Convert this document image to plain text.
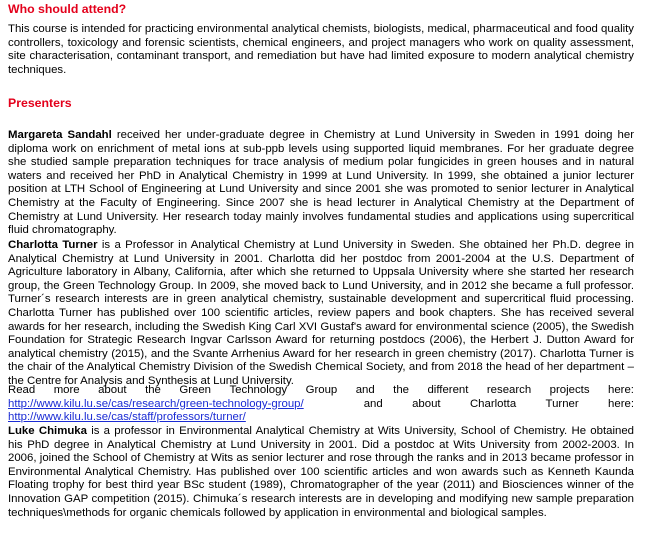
Who should attend?

This course is intended for practicing environmental analytical chemists, biologists, medical, pharmaceutical and food quality controllers, toxicology and forensic scientists, chemical engineers, and project managers who work on quality assessment, site characterisation, contaminant transport, and remediation but have had limited exposure to modern analytical chemistry techniques.

Presenters

Margareta Sandahl received her under-graduate degree in Chemistry at Lund University in Sweden in 1991 doing her diploma work on enrichment of metal ions at sub-ppb levels using supported liquid membranes. For her graduate degree she studied sample preparation techniques for trace analysis of medium polar fungicides in green houses and in natural waters and received her PhD in Analytical Chemistry in 1999 at Lund University. In 1999, she obtained a junior lecturer position at LTH School of Engineering at Lund University and since 2001 she was promoted to senior lecturer in Analytical Chemistry at the Faculty of Engineering. Since 2007 she is head lecturer in Analytical Chemistry at the Department of Chemistry at Lund University. Her research today mainly involves fundamental studies and applications using supercritical fluid chromatography.

Charlotta Turner is a Professor in Analytical Chemistry at Lund University in Sweden. She obtained her Ph.D. degree in Analytical Chemistry at Lund University in 2001. Charlotta did her postdoc from 2001-2004 at the U.S. Department of Agriculture laboratory in Albany, California, after which she returned to Uppsala University where she started her research group, the Green Technology Group. In 2009, she moved back to Lund University, and in 2012 she became a full professor. Turner´s research interests are in green analytical chemistry, sustainable development and supercritical fluid processing. Charlotta Turner has published over 100 scientific articles, review papers and book chapters. She has received several awards for her research, including the Swedish King Carl XVI Gustaf's award for environmental science (2005), the Swedish Foundation for Strategic Research Ingvar Carlsson Award for returning postdocs (2006), the Herbert J. Dutton Award for analytical chemistry (2015), and the Svante Arrhenius Award for her research in green chemistry (2017). Charlotta Turner is the chair of the Analytical Chemistry Division of the Swedish Chemical Society, and from 2018 the head of her department – the Centre for Analysis and Synthesis at Lund University.

Read more about the Green Technology Group and the different research projects here:
http://www.kilu.lu.se/cas/research/green-technology-group/	and	about	Charlotta	Turner	here:
http://www.kilu.lu.se/cas/staff/professors/turner/

Luke Chimuka is a professor in Environmental Analytical Chemistry at Wits University, School of Chemistry. He obtained his PhD degree in Analytical Chemistry at Lund University in 2001. Did a postdoc at Wits University from 2002-2003. In 2006, joined the School of Chemistry at Wits as senior lecturer and rose through the ranks and in 2013 became professor in Environmental Analytical Chemistry. Has published over 100 scientific articles and won awards such as Kenneth Kaunda Floating trophy for best third year BSc student (1989), Chromatographer of the year (2011) and Biosciences winner of the Innovation GAP competition (2015). Chimuka´s research interests are in developing and modifying new sample preparation techniques\methods for organic chemicals followed by application in environmental and biological samples.
